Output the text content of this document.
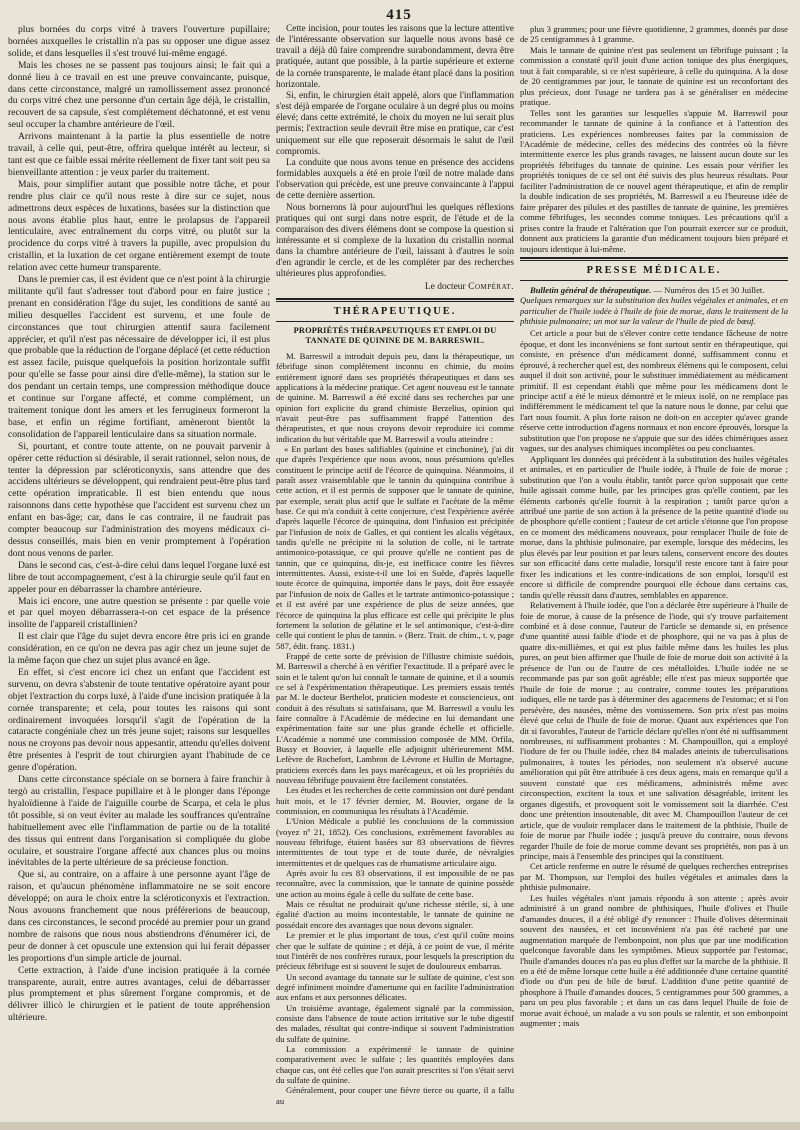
415

plus bornées du corps vitré à travers l'ouverture pupillaire; bornées auxquelles le cristallin n'a pas su opposer une digue assez solide, et dans lesquelles il s'est trouvé lui-même engagé.

Mais les choses ne se passent pas toujours ainsi; le fait qui a donné lieu à ce travail en est une preuve convaincante, puisque, dans cette circonstance, malgré un ramollissement assez prononcé du corps vitré chez une personne d'un certain âge déjà, le cristallin, recouvert de sa capsule, s'est complétement déchatonné, et est venu seul occuper la chambre antérieure de l'œil.

Arrivons maintenant à la partie la plus essentielle de notre travail, à celle qui, peut-être, offrira quelque intérêt au lecteur, si tant est que ce faible essai mérite réellement de fixer tant soit peu sa bienveillante attention : je veux parler du traitement.

Mais, pour simplifier autant que possible notre tâche, et pour rendre plus clair ce qu'il nous reste à dire sur ce sujet, nous admettrons deux espèces de luxations, basées sur la distinction que nous avons établie plus haut, entre le prolapsus de l'appareil lenticulaire, avec entraînement du corps vitré, ou plutôt sur la procidence du corps vitré à travers la pupille, avec propulsion du cristallin, et la luxation de cet organe entièrement exempt de toute relation avec cette humeur transparente.

Dans le premier cas, il est évident que ce n'est point à la chirurgie militante qu'il faut s'adresser tout d'abord pour en faire justice ; prenant en considération l'âge du sujet, les conditions de santé au milieu desquelles l'accident est survenu, et une foule de circonstances que tout chirurgien attentif saura facilement apprécier, et qu'il n'est pas nécessaire de développer ici, il est plus que probable que la réduction de l'organe déplacé (et cette réduction est assez facile, puisque quelquefois la position horizontale suffit pour qu'elle se fasse pour ainsi dire d'elle-même), la station sur le dos pendant un certain temps, une compression méthodique douce et continue sur l'organe affecté, et comme complément, un traitement tonique dont les amers et les ferrugineux formeront la base, et enfin un régime fortifiant, amèneront bientôt la consolidation de l'appareil lenticulaire dans sa situation normale.

Si, pourtant, et contre toute attente, on ne pouvait parvenir à opérer cette réduction si désirable, il serait rationnel, selon nous, de tenter la dépression par scléroticonyxis, sans attendre que des accidens ultérieurs se développent, qui rendraient peut-être plus tard cette opération impraticable. Il est bien entendu que nous raisonnons dans cette hypothèse que l'accident est survenu chez un enfant en bas-âge; car, dans le cas contraire, il ne faudrait pas compter beaucoup sur l'administration des moyens médicaux ci-dessus conseillés, mais bien en venir promptement à l'opération dont nous venons de parler.

Dans le second cas, c'est-à-dire celui dans lequel l'organe luxé est libre de tout accompagnement, c'est à la chirurgie seule qu'il faut en appeler pour en débarrasser la chambre antérieure.

Mais ici encore, une autre question se présente : par quelle voie et par quel moyen débarrassera-t-on cet espace de la présence insolite de l'appareil cristallinien?

Il est clair que l'âge du sujet devra encore être pris ici en grande considération, en ce qu'on ne devra pas agir chez un jeune sujet de la même façon que chez un sujet plus avancé en âge.

En effet, si c'est encore ici chez un enfant que l'accident est survenu, on devra s'abstenir de toute tentative opératoire ayant pour objet l'extraction du corps luxé, à l'aide d'une incision pratiquée à la cornée transparente; et cela, pour toutes les raisons qui sont ordinairement invoquées lorsqu'il s'agit de l'opération de la cataracte congéniale chez un très jeune sujet; raisons sur lesquelles nous ne croyons pas devoir nous appesantir, attendu qu'elles doivent être présentes à l'esprit de tout chirurgien ayant l'habitude de ce genre d'opération.

Dans cette circonstance spéciale on se bornera à faire franchir à tergò au cristallin, l'espace pupillaire et à le plonger dans l'éponge hyaloïdienne à l'aide de l'aiguille courbe de Scarpa, et cela le plus tôt possible, si on veut éviter au malade les souffrances qu'entraîne habituellement avec elle l'inflammation de partie ou de la totalité des tissus qui entrent dans l'organisation si compliquée du globe oculaire, et soustraire l'organe affecté aux chances plus ou moins inévitables de la perte ultérieure de sa précieuse fonction.

Que si, au contraire, on a affaire à une personne ayant l'âge de raison, et qu'aucun phénomène inflammatoire ne se soit encore développé; on aura le choix entre la scléroticonyxis et l'extraction. Nous avouons franchement que nous préférerions de beaucoup, dans ces circonstances, le second procédé au premier pour un grand nombre de raisons que nous nous abstiendrons d'énumérer ici, de peur de donner à cet opuscule une extension qui lui ferait dépasser les proportions d'un simple article de journal.

Cette extraction, à l'aide d'une incision pratiquée à la cornée transparente, aurait, entre autres avantages, celui de débarrasser plus promptement et plus sûrement l'organe compromis, et de délivrer illicò le chirurgien et le patient de toute appréhension ultérieure.

Cette incision, pour toutes les raisons que la lecture attentive de l'intéressante observation sur laquelle nous avons basé ce travail a déjà dû faire comprendre surabondamment, devra être pratiquée, autant que possible, à la partie supérieure et externe de la cornée transparente, le malade étant placé dans la position horizontale.

Si, enfin, le chirurgien était appelé, alors que l'inflammation s'est déjà emparée de l'organe oculaire à un degré plus ou moins élevé; dans cette extrémité, le choix du moyen ne lui serait plus permis; l'extraction seule devrait être mise en pratique, car c'est uniquement sur elle que reposerait désormais le salut de l'œil compromis.

La conduite que nous avons tenue en présence des accidens formidables auxquels a été en proie l'œil de notre malade dans l'observation qui précède, est une preuve convaincante à l'appui de cette dernière assertion.

Nous bornerons là pour aujourd'hui les quelques réflexions pratiques qui ont surgi dans notre esprit, de l'étude et de la comparaison des divers élémens dont se compose la question si intéressante et si complexe de la luxation du cristallin normal dans la chambre antérieure de l'œil, laissant à d'autres le soin d'en agrandir le cercle, et de les compléter par des recherches ultérieures plus approfondies.

Le docteur Compérat.
THÉRAPEUTIQUE.
PROPRIÉTÉS THÉRAPEUTIQUES ET EMPLOI DU TANNATE DE QUININE DE M. BARRESWIL.

M. Barreswil a introduit depuis peu, dans la thérapeutique, un fébrifuge sinon complétement inconnu en chimie, du moins entièrement ignoré dans ses propriétés thérapeutiques et dans ses applications à la médecine pratique. Cet agent nouveau est le tannate de quinine. M. Barreswil a été excité dans ses recherches par une opinion fort explicite du grand chimiste Berzelius, opinion qui n'avait peut-être pas suffisamment frappé l'attention des thérapeutistes, et que nous croyons devoir reproduire ici comme indication du but véritable que M. Barreswil a voulu atteindre :

« En parlant des bases salifiables (quinine et cinchonine), j'ai dit que d'après l'expérience que nous avons, nous présumions qu'elles constituent le principe actif de l'écorce de quinquina. Néanmoins, il paraît assez vraisemblable que le tannin du quinquina contribue à cette action, et il est permis de supposer que le tannate de quinine, par exemple, serait plus actif que le sulfate et l'acétate de la même base. Ce qui m'a conduit à cette conjecture, c'est l'expérience avérée d'après laquelle l'écorce de quinquina, dont l'infusion est précipitée par l'infusion de noix de Galles, et qui contient les alcalis végétaux, tandis qu'elle ne précipite ni la solution de colle, ni le tartrate antimonico-potassique, ce qui prouve qu'elle ne contient pas de tannin, que ce quinquina, dis-je, est inefficace contre les fièvres intermittentes. Aussi, existe-t-il une loi en Suède, d'après laquelle toute écorce de quinquina, importée dans le pays, doit être essayée par l'infusion de noix de Galles et le tartrate antimonico-potassique ; et il est avéré par une expérience de plus de seize années, que l'écorce de quinquina la plus efficace est celle qui précipite le plus fortement la solution de gélatine et le sel antimonique, c'est-à-dire celle qui contient le plus de tannin. » (Berz. Trait. de chim., t. v, page 587, édit. franç. 1831.)

Frappé de cette sorte de prévision de l'illustre chimiste suédois, M. Barreswil a cherché à en vérifier l'exactitude. Il a préparé avec le soin et le talent qu'on lui connaît le tannate de quinine, et il a soumis ce sel à l'expérimentation thérapeutique. Les premiers essais tentés par M. le docteur Berthelot, praticien modeste et consciencieux, ont conduit à des résultats si satisfaisans, que M. Barreswil a voulu les faire connaître à l'Académie de médecine en lui demandant une expérimentation faite sur une plus grande échelle et officielle. L'Académie a nommé une commission composée de MM. Orfila, Bussy et Bouvier, à laquelle elle adjoignit ultérieurement MM. Lefèvre de Rochefort, Lambron de Lévrone et Hullin de Mortagne, praticiens exercés dans les pays marécageux, et où les propriétés du nouveau fébrifuge pouvaient être facilement constatées.

Les études et les recherches de cette commission ont duré pendant huit mois, et le 17 février dernier, M. Bouvier, organe de la commission, en communiqua les résultats à l'Académie.

L'Union Médicale a publié les conclusions de la commission (voyez nº 21, 1852). Ces conclusions, extrêmement favorables au nouveau fébrifuge, étaient basées sur 83 observations de fièvres intermittentes de tout type et de toute durée, de névralgies intermittentes et de quelques cas de rhumatisme articulaire aigu.

Après avoir lu ces 83 observations, il est impossible de ne pas reconnaître, avec la commission, que le tannate de quinine possède une action au moins égale à celle du sulfate de cette base.

Mais ce résultat ne produirait qu'une richesse stérile, si, à une égalité d'action au moins incontestable, le tannate de quinine ne possédait encore des avantages que nous devons signaler.

Le premier et le plus important de tous, c'est qu'il coûte moins cher que le sulfate de quinine ; et déjà, à ce point de vue, il mérite tout l'intérêt de nos confrères ruraux, pour lesquels la prescription du précieux fébrifuge est si souvent le sujet de douloureux embarras.

Un second avantage du tannate sur le sulfate de quinine, c'est son degré infiniment moindre d'amertume qui en facilite l'administration aux enfans et aux personnes délicates.

Un troisième avantage, également signalé par la commission, consiste dans l'absence de toute action irritative sur le tube digestif des malades, résultat qui contre-indique si souvent l'administration du sulfate de quinine.

La commission a expérimenté le tannate de quinine comparativement avec le sulfate ; les quantités employées dans chaque cas, ont été celles que l'on aurait prescrites si l'on s'était servi du sulfate de quinine.

Généralement, pour couper une fièvre tierce ou quarte, il a fallu au

plus 3 grammes; pour une fièvre quotidienne, 2 grammes, donnés par dose de 25 centigrammes à 1 gramme.

Mais le tannate de quinine n'est pas seulement un fébrifuge puissant ; la commission a constaté qu'il jouit d'une action tonique des plus énergiques, tout à fait comparable, si ce n'est supérieure, à celle du quinquina. A la dose de 20 centigrammes par jour, le tannate de quinine est un reconfortant des plus précieux, dont l'usage ne tardera pas à se généraliser en médecine pratique.

Telles sont les garanties sur lesquelles s'appuie M. Barreswil pour recommander le tannate de quinine à la confiance et à l'attention des praticiens. Les expériences nombreuses faites par la commission de l'Académie de médecine, celles des médecins des contrées où la fièvre intermittente exerce les plus grands ravages, ne laissent aucun doute sur les propriétés fébrifuges du tannate de quinine. Les essais pour vérifier les propriétés toniques de ce sel ont été suivis des plus heureux résultats. Pour faciliter l'administration de ce nouvel agent thérapeutique, et afin de remplir la double indication de ses propriétés, M. Barreswil a eu l'heureuse idée de faire préparer des pilules et des pastilles de tannate de quinine, les premières comme fébrifuges, les secondes comme toniques. Les précautions qu'il a prises contre la fraude et l'altération que l'on pourrait exercer sur ce produit, donnent aux praticiens la garantie d'un médicament toujours bien préparé et toujours identique à lui-même.

PRESSE MÉDICALE.
Bulletin général de thérapeutique. — Numéros des 15 et 30 Juillet.
Quelques remarques sur la substitution des huiles végétales et animales, et en particulier de l'huile iodée à l'huile de foie de morue, dans le traitement de la phthisie pulmonaire; un mot sur la valeur de l'huile de pied de bœuf.

Cet article a pour but de s'élever contre cette tendance fâcheuse de notre époque, et dont les inconvéniens se font surtout sentir en thérapeutique, qui consiste, en présence d'un médicament donné, suffisamment connu et éprouvé, à rechercher quel est, des nombreux élémens qui le composent, celui auquel il doit son activité, pour le substituer immédiatement au médicament primitif. Il est cependant établi que même pour les médicamens dont le principe actif a été le mieux démontré et le mieux isolé, on ne remplace pas indifféremment le médicament tel que la nature nous le donne, par celui que l'art nous fournit. A plus forte raison ne doit-on en accepter qu'avec grande réserve cette introduction d'agens normaux et non encore éprouvés, lorsque la substitution que l'on propose ne s'appuie que sur des idées chimériques assez vagues, sur des analyses chimiques incomplètes ou peu concluantes.

Appliquant les données qui précèdent à la substitution des huiles végétales et animales, et en particulier de l'huile iodée, à l'huile de foie de morue ; substitution que l'on a voulu établir, tantôt parce qu'on supposait que cette huile agissait comme huile, par les principes gras qu'elle contient, par les éléments carbonés qu'elle fournit à la respiration ; tantôt parce qu'on a attribué une partie de son action à la présence de la petite quantité d'iode ou de phosphore qu'elle contient ; l'auteur de cet article s'étonne que l'on propose en ce moment des médicamens nouveaux, pour remplacer l'huile de foie de morue, dans la phthisie pulmonaire, par exemple, lorsque des médecins, les plus élevés par leur position et par leurs talens, conservent encore des doutes sur son efficacité dans cette maladie, lorsqu'il reste encore tant à faire pour fixer les indications et les contre-indications de son emploi, lorsqu'il est encore si difficile de comprendre pourquoi elle échoue dans certains cas, tandis qu'elle réussit dans d'autres, semblables en apparence.

Relativement à l'huile iodée, que l'on a déclarée être supérieure à l'huile de foie de morue, à cause de la présence de l'iode, qui s'y trouve parfaitement combiné et à dose connue, l'auteur de l'article se demande si, en présence d'une quantité aussi faible d'iode et de phosphore, qui ne va pas à plus de quatre dix-millièmes, et qui est plus faible même dans les huiles les plus pures, on peut bien affirmer que l'huile de foie de morue doit son activité à la présence de l'un ou de l'autre de ces métalloïdes. L'huile iodée ne se recommande pas par son goût agréable; elle n'est pas mieux supportée que l'huile de foie de morue ; au contraire, comme toutes les préparations iodiques, elle ne tarde pas à déterminer des agacemens de l'estomac; et si l'on persévère, des nausées, même des vomissemens. Son prix n'est pas moins élevé que celui de l'huile de foie de morue. Quant aux expériences que l'on dit si favorables, l'auteur de l'article déclare qu'elles n'ont été ni suffisamment nombreuses, ni suffisamment probantes : M. Champouillon, qui a employé l'iodure de fer ou l'huile iodée, chez 84 malades atteints de tuberculisations pulmonaires, à toutes les périodes, non seulement n'a observé aucune amélioration qui pût être attribuée à ces deux agens, mais en remarque qu'il a souvent constaté que ces médicamens, administrés même avec circonspection, excitent la toux et une salivation désagréable, irritent les organes digestifs, et provoquent soit le vomissement soit la diarrhée. C'est donc une prétention insoutenable, dit avec M. Champouillon l'auteur de cet article, que de vouloir remplacer dans le traitement de la phthisie, l'huile de foie de morue par l'huile iodée ; jusqu'à preuve du contraire, nous devons regarder l'huile de foie de morue comme devant ses propriétés, non pas à un principe, mais à l'ensemble des principes qui la constituent.

Cet article renferme en outre le résumé de quelques recherches entreprises par M. Thompson, sur l'emploi des huiles végétales et animales dans la phthisie pulmonaire.

Les huiles végétales n'ont jamais répondu à son attente ; après avoir administré à un grand nombre de phthisiques, l'huile d'olives et l'huile d'amandes douces, il a été obligé d'y renoncer : l'huile d'olives déterminait souvent des nausées, et cet inconvénient n'a pas été racheté par une augmentation marquée de l'embonpoint, non plus que par une modification quelconque favorable dans les symptômes. Mieux supportée par l'estomac, l'huile d'amandes douces n'a pas eu plus d'effet sur la marche de la phthisie. Il en a été de même lorsque cette huile a été additionnée d'une certaine quantité d'iode ou d'un peu de bile de bœuf. L'addition d'une petite quantité de phosphore à l'huile d'amandes douces, 5 centigrammes pour 500 grammes, a paru un peu plus favorable ; et dans un cas dans lequel l'huile de foie de morue avait échoué, un malade a vu son pouls se ralentir, et son embonpoint augmenter ; mais
